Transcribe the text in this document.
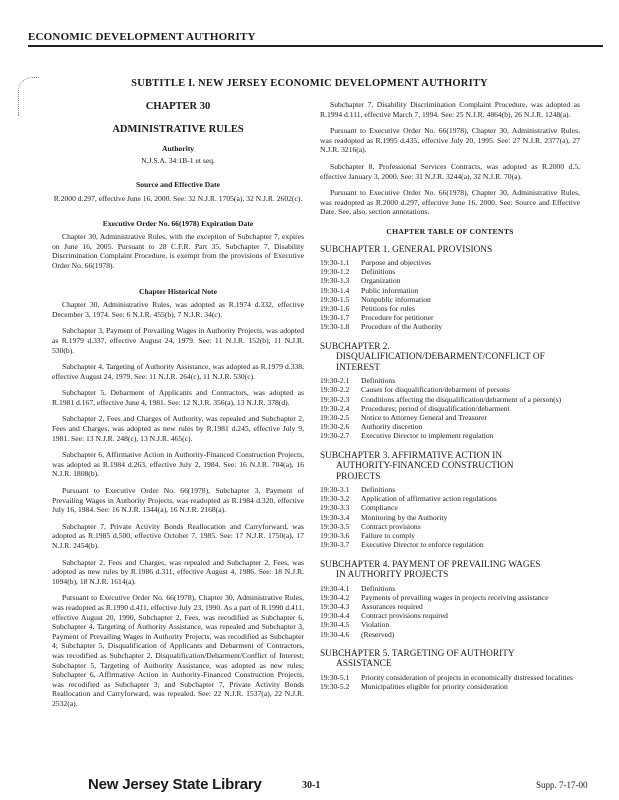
ECONOMIC DEVELOPMENT AUTHORITY
SUBTITLE I. NEW JERSEY ECONOMIC DEVELOPMENT AUTHORITY
CHAPTER 30
ADMINISTRATIVE RULES
Authority
N.J.S.A. 34:1B-1 et seq.
Source and Effective Date
R.2000 d.297, effective June 16, 2000. See: 32 N.J.R. 1705(a), 32 N.J.R. 2602(c).
Executive Order No. 66(1978) Expiration Date
Chapter 30, Administrative Rules, with the exception of Subchapter 7, expires on June 16, 2005. Pursuant to 28 C.F.R. Part 35, Subchapter 7, Disability Discrimination Complaint Procedure, is exempt from the provisions of Executive Order No. 66(1978).
Chapter Historical Note
Chapter 30, Administrative Rules, was adopted as R.1974 d.332, effective December 3, 1974. See: 6 N.J.R. 455(b), 7 N.J.R. 34(c).
Subchapter 3, Payment of Prevailing Wages in Authority Projects, was adopted as R.1979 d.337, effective August 24, 1979. See: 11 N.J.R. 152(b), 11 N.J.R. 530(b).
Subchapter 4, Targeting of Authority Assistance, was adopted as R.1979 d.338, effective August 24, 1979. See: 11 N.J.R. 264(c), 11 N.J.R. 530(c).
Subchapter 5, Debarment of Applicants and Contractors, was adopted as R.1981 d.167, effective June 4, 1981. See: 12 N.J.R. 356(a), 13 N.J.R. 378(d).
Subchapter 2, Fees and Charges of Authority, was repealed and Subchapter 2, Fees and Charges, was adopted as new rules by R.1981 d.245, effective July 9, 1981. See: 13 N.J.R. 248(c), 13 N.J.R. 465(c).
Subchapter 6, Affirmative Action in Authority-Financed Construction Projects, was adopted as R.1984 d.263, effective July 2, 1984. See: 16 N.J.R. 704(a), 16 N.J.R. 1808(b).
Pursuant to Executive Order No. 66(1978), Subchapter 3, Payment of Prevailing Wages in Authority Projects, was readopted as R.1984 d.320, effective July 16, 1984. See: 16 N.J.R. 1344(a), 16 N.J.R. 2168(a).
Subchapter 7, Private Activity Bonds Reallocation and Carryforward, was adopted as R.1985 d.500, effective October 7, 1985. See: 17 N.J.R. 1750(a), 17 N.J.R. 2454(b).
Subchapter 2, Fees and Charges, was repealed and Subchapter 2, Fees, was adopted as new rules by R.1986 d.311, effective August 4, 1986. See: 18 N.J.R. 1094(b), 18 N.J.R. 1614(a).
Pursuant to Executive Order No. 66(1978), Chapter 30, Administrative Rules, was readopted as R.1990 d.411, effective July 23, 1990. As a part of R.1990 d.411, effective August 20, 1990, Subchapter 2, Fees, was recodified as Subchapter 6, Subchapter 4, Targeting of Authority Assistance, was repealed and Subchapter 3, Payment of Prevailing Wages in Authority Projects, was recodified as Subchapter 4; Subchapter 5, Disqualification of Applicants and Debarment of Contractors, was recodified as Subchapter 2, Disqualification/Debarment/Conflict of Interest; Subchapter 5, Targeting of Authority Assistance, was adopted as new rules; Subchapter 6, Affirmative Action in Authority-Financed Construction Projects, was recodified as Subchapter 3; and Subchapter 7, Private Activity Bonds Reallocation and Carryforward, was repealed. See: 22 N.J.R. 1537(a), 22 N.J.R. 2532(a).
Subchapter 7, Disability Discrimination Complaint Procedure, was adopted as R.1994 d.111, effective March 7, 1994. See: 25 N.J.R. 4864(b), 26 N.J.R. 1248(a).
Pursuant to Executive Order No. 66(1978), Chapter 30, Administrative Rules, was readopted as R.1995 d.435, effective July 20, 1995. See: 27 N.J.R. 2377(a), 27 N.J.R. 3216(a).
Subchapter 8, Professional Services Contracts, was adopted as R.2000 d.5, effective January 3, 2000. See: 31 N.J.R. 3244(a), 32 N.J.R. 70(a).
Pursuant to Executive Order No. 66(1978), Chapter 30, Administrative Rules, was readopted as R.2000 d.297, effective June 16, 2000. See: Source and Effective Date. See, also, section annotations.
CHAPTER TABLE OF CONTENTS
SUBCHAPTER 1. GENERAL PROVISIONS
19:30-1.1	Purpose and objectives
19:30-1.2	Definitions
19:30-1.3	Organization
19:30-1.4	Public information
19:30-1.5	Nonpublic information
19:30-1.6	Petitions for rules
19:30-1.7	Procedure for petitioner
19:30-1.8	Procedure of the Authority
SUBCHAPTER 2.
DISQUALIFICATION/DEBARMENT/CONFLICT OF
INTEREST
19:30-2.1	Definitions
19:30-2.2	Causes for disqualification/debarment of persons
19:30-2.3	Conditions affecting the disqualification/debarment of a person(s)
19:30-2.4	Procedures; period of disqualification/debarment
19:30-2.5	Notice to Attorney General and Treasurer
19:30-2.6	Authority discretion
19:30-2.7	Executive Director to implement regulation
SUBCHAPTER 3. AFFIRMATIVE ACTION IN
AUTHORITY-FINANCED CONSTRUCTION
PROJECTS
19:30-3.1	Definitions
19:30-3.2	Application of affirmative action regulations
19:30-3.3	Compliance
19:30-3.4	Monitoring by the Authority
19:30-3.5	Contract provisions
19:30-3.6	Failure to comply
19:30-3.7	Executive Director to enforce regulation
SUBCHAPTER 4. PAYMENT OF PREVAILING WAGES
IN AUTHORITY PROJECTS
19:30-4.1	Definitions
19:30-4.2	Payments of prevailing wages in projects receiving assistance
19:30-4.3	Assurances required
19:30-4.4	Contract provisions required
19:30-4.5	Violation
19:30-4.6	(Reserved)
SUBCHAPTER 5. TARGETING OF AUTHORITY
ASSISTANCE
19:30-5.1	Priority consideration of projects in economically distressed localities
19:30-5.2	Municipalities eligible for priority consideration
New Jersey State Library	30-1	Supp. 7-17-00
